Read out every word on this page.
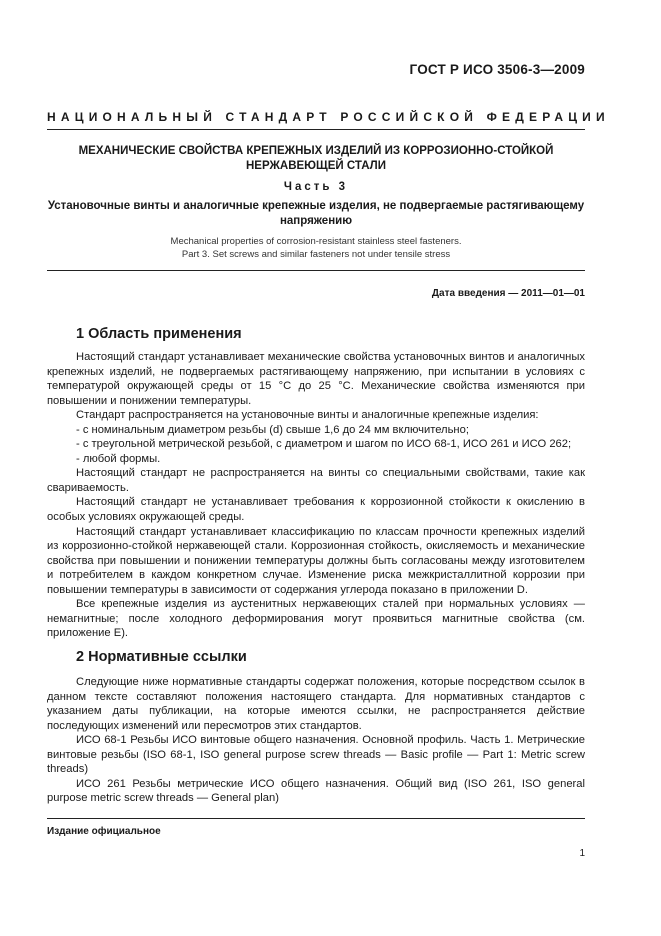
ГОСТ Р ИСО 3506-3—2009
НАЦИОНАЛЬНЫЙ СТАНДАРТ РОССИЙСКОЙ ФЕДЕРАЦИИ
МЕХАНИЧЕСКИЕ СВОЙСТВА КРЕПЕЖНЫХ ИЗДЕЛИЙ ИЗ КОРРОЗИОННО-СТОЙКОЙ НЕРЖАВЕЮЩЕЙ СТАЛИ
Часть 3
Установочные винты и аналогичные крепежные изделия, не подвергаемые растягивающему напряжению
Mechanical properties of corrosion-resistant stainless steel fasteners.
Part 3. Set screws and similar fasteners not under tensile stress
Дата введения — 2011—01—01
1 Область применения

Настоящий стандарт устанавливает механические свойства установочных винтов и аналогичных крепежных изделий, не подвергаемых растягивающему напряжению, при испытании в условиях с температурой окружающей среды от 15 °С до 25 °С. Механические свойства изменяются при повышении и понижении температуры.

Стандарт распространяется на установочные винты и аналогичные крепежные изделия:

- с номинальным диаметром резьбы (d) свыше 1,6 до 24 мм включительно;

- с треугольной метрической резьбой, с диаметром и шагом по ИСО 68-1, ИСО 261 и ИСО 262;

- любой формы.

Настоящий стандарт не распространяется на винты со специальными свойствами, такие как свариваемость.

Настоящий стандарт не устанавливает требования к коррозионной стойкости к окислению в особых условиях окружающей среды.

Настоящий стандарт устанавливает классификацию по классам прочности крепежных изделий из коррозионно-стойкой нержавеющей стали. Коррозионная стойкость, окисляемость и механические свойства при повышении и понижении температуры должны быть согласованы между изготовителем и потребителем в каждом конкретном случае. Изменение риска межкристаллитной коррозии при повышении температуры в зависимости от содержания углерода показано в приложении D.

Все крепежные изделия из аустенитных нержавеющих сталей при нормальных условиях — немагнитные; после холодного деформирования могут проявиться магнитные свойства (см. приложение Е).

2 Нормативные ссылки

Следующие ниже нормативные стандарты содержат положения, которые посредством ссылок в данном тексте составляют положения настоящего стандарта. Для нормативных стандартов с указанием даты публикации, на которые имеются ссылки, не распространяется действие последующих изменений или пересмотров этих стандартов.

ИСО 68-1 Резьбы ИСО винтовые общего назначения. Основной профиль. Часть 1. Метрические винтовые резьбы (ISO 68-1, ISO general purpose screw threads — Basic profile — Part 1: Metric screw threads)

ИСО 261 Резьбы метрические ИСО общего назначения. Общий вид (ISO 261, ISO general purpose metric screw threads — General plan)

Издание официальное
1
